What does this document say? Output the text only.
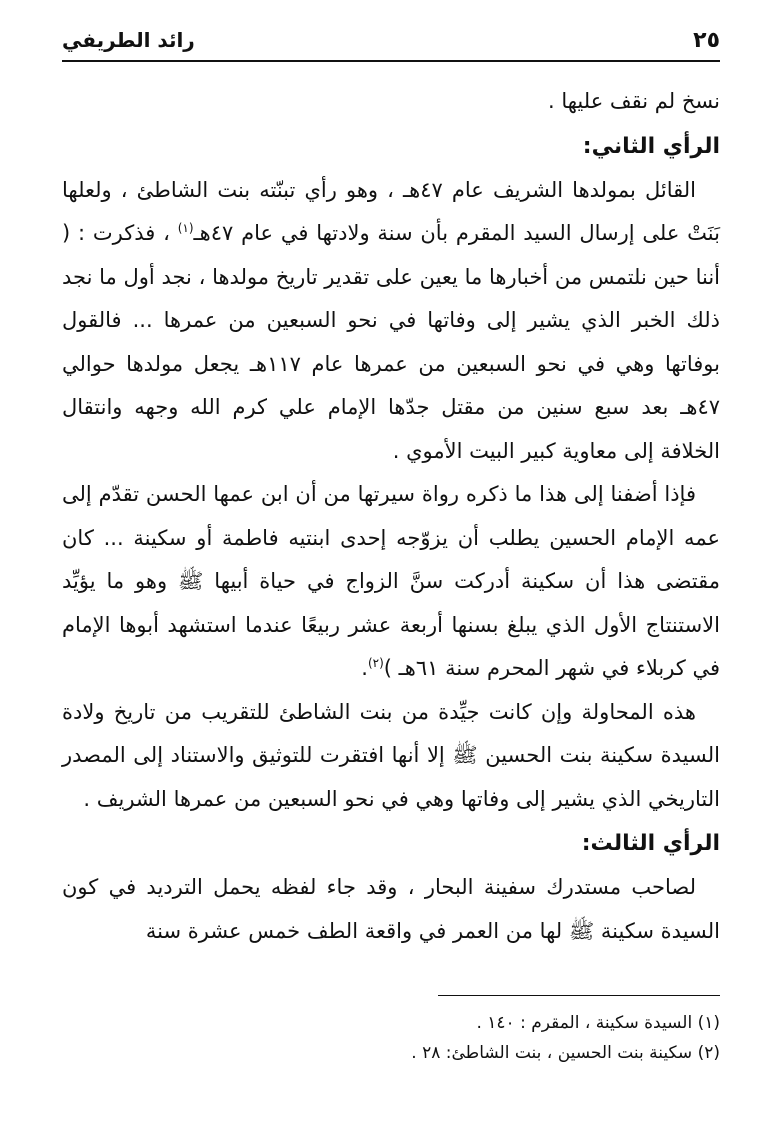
٢٥
رائد الطريفي

نسخ لم نقف عليها .

الرأي الثاني:

القائل بمولدها الشريف عام ٤٧هـ ، وهو رأي تبنّته بنت الشاطئ ، ولعلها بَنَتْ على إرسال السيد المقرم بأن سنة ولادتها في عام ٤٧هـ$^{(١)}$ ، فذكرت : ( أننا حين نلتمس من أخبارها ما يعين على تقدير تاريخ مولدها ، نجد أول ما نجد ذلك الخبر الذي يشير إلى وفاتها في نحو السبعين من عمرها ... فالقول بوفاتها وهي في نحو السبعين من عمرها عام ١١٧هـ يجعل مولدها حوالي ٤٧هـ بعد سبع سنين من مقتل جدّها الإمام علي كرم الله وجهه وانتقال الخلافة إلى معاوية كبير البيت الأموي .

فإذا أضفنا إلى هذا ما ذكره رواة سيرتها من أن ابن عمها الحسن تقدّم إلى عمه الإمام الحسين يطلب أن يزوّجه إحدى ابنتيه فاطمة أو سكينة ... كان مقتضى هذا أن سكينة أدركت سنَّ الزواج في حياة أبيها ﷺ وهو ما يؤيِّد الاستنتاج الأول الذي يبلغ بسنها أربعة عشر ربيعًا عندما استشهد أبوها الإمام في كربلاء في شهر المحرم سنة ٦١هـ )$^{(٢)}$.

هذه المحاولة وإن كانت جيِّدة من بنت الشاطئ للتقريب من تاريخ ولادة السيدة سكينة بنت الحسين ﷺ إلا أنها افتقرت للتوثيق والاستناد إلى المصدر التاريخي الذي يشير إلى وفاتها وهي في نحو السبعين من عمرها الشريف .

الرأي الثالث:

لصاحب مستدرك سفينة البحار ، وقد جاء لفظه يحمل الترديد في كون السيدة سكينة ﷺ لها من العمر في واقعة الطف خمس عشرة سنة

(١) السيدة سكينة ، المقرم : ١٤٠ .

(٢) سكينة بنت الحسين ، بنت الشاطئ: ٢٨ .
